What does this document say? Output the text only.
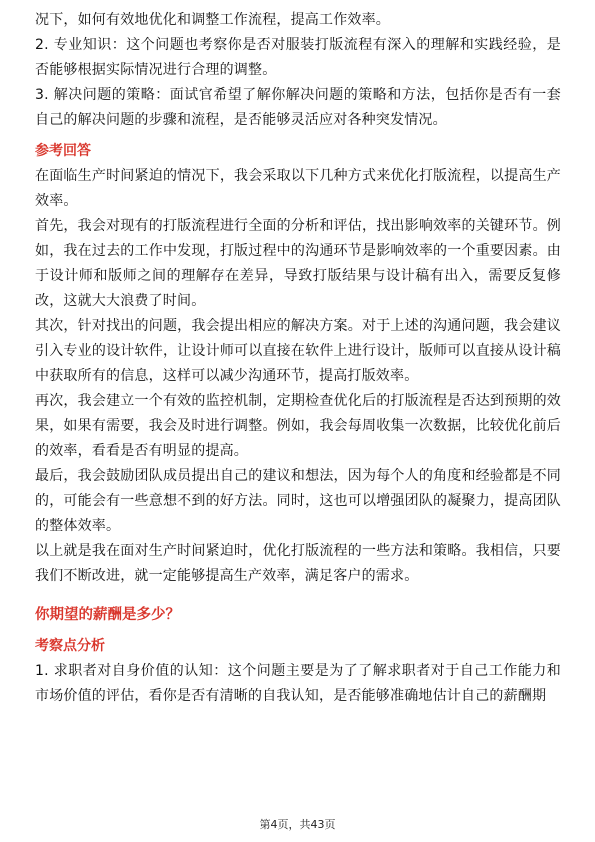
况下，如何有效地优化和调整工作流程，提高工作效率。

2. 专业知识：这个问题也考察你是否对服装打版流程有深入的理解和实践经验，是否能够根据实际情况进行合理的调整。

3. 解决问题的策略：面试官希望了解你解决问题的策略和方法，包括你是否有一套自己的解决问题的步骤和流程，是否能够灵活应对各种突发情况。

参考回答

在面临生产时间紧迫的情况下，我会采取以下几种方式来优化打版流程，以提高生产效率。

首先，我会对现有的打版流程进行全面的分析和评估，找出影响效率的关键环节。例如，我在过去的工作中发现，打版过程中的沟通环节是影响效率的一个重要因素。由于设计师和版师之间的理解存在差异，导致打版结果与设计稿有出入，需要反复修改，这就大大浪费了时间。

其次，针对找出的问题，我会提出相应的解决方案。对于上述的沟通问题，我会建议引入专业的设计软件，让设计师可以直接在软件上进行设计，版师可以直接从设计稿中获取所有的信息，这样可以减少沟通环节，提高打版效率。

再次，我会建立一个有效的监控机制，定期检查优化后的打版流程是否达到预期的效果，如果有需要，我会及时进行调整。例如，我会每周收集一次数据，比较优化前后的效率，看看是否有明显的提高。

最后，我会鼓励团队成员提出自己的建议和想法，因为每个人的角度和经验都是不同的，可能会有一些意想不到的好方法。同时，这也可以增强团队的凝聚力，提高团队的整体效率。

以上就是我在面对生产时间紧迫时，优化打版流程的一些方法和策略。我相信，只要我们不断改进，就一定能够提高生产效率，满足客户的需求。

你期望的薪酬是多少？

考察点分析

1. 求职者对自身价值的认知：这个问题主要是为了了解求职者对于自己工作能力和市场价值的评估，看你是否有清晰的自我认知，是否能够准确地估计自己的薪酬期

第4页，共43页
